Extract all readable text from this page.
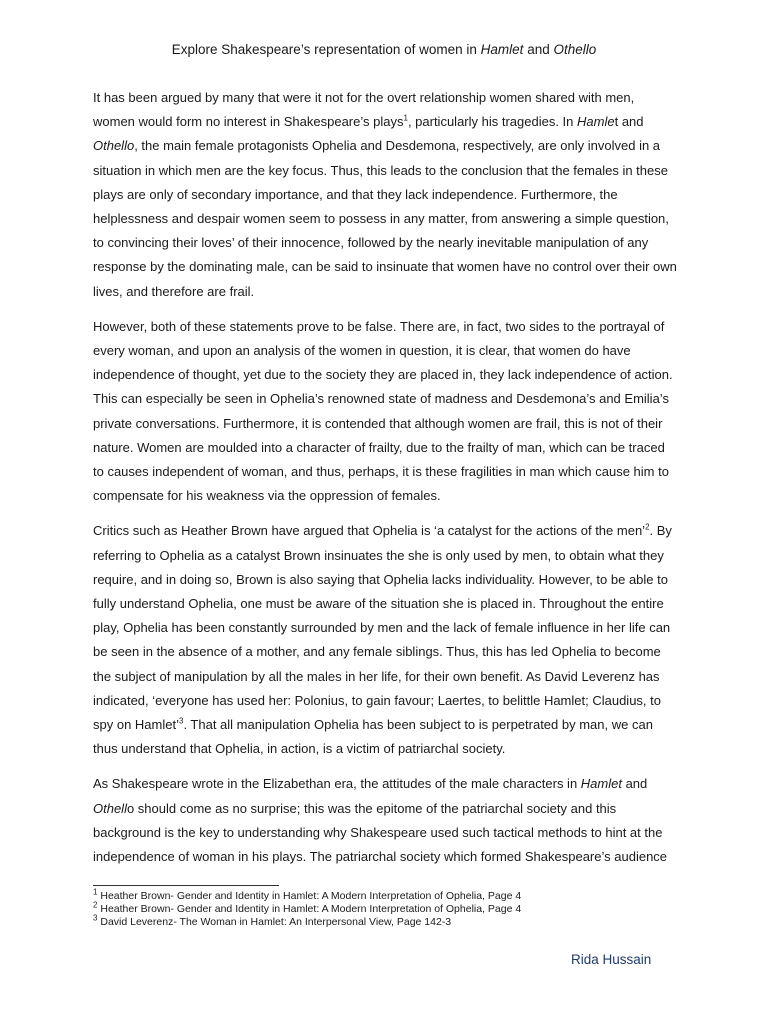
Explore Shakespeare’s representation of women in Hamlet and Othello

It has been argued by many that were it not for the overt relationship women shared with men, women would form no interest in Shakespeare’s plays$^1$, particularly his tragedies. In Hamlet and Othello, the main female protagonists Ophelia and Desdemona, respectively, are only involved in a situation in which men are the key focus. Thus, this leads to the conclusion that the females in these plays are only of secondary importance, and that they lack independence. Furthermore, the helplessness and despair women seem to possess in any matter, from answering a simple question, to convincing their loves’ of their innocence, followed by the nearly inevitable manipulation of any response by the dominating male, can be said to insinuate that women have no control over their own lives, and therefore are frail.

However, both of these statements prove to be false. There are, in fact, two sides to the portrayal of every woman, and upon an analysis of the women in question, it is clear, that women do have independence of thought, yet due to the society they are placed in, they lack independence of action. This can especially be seen in Ophelia’s renowned state of madness and Desdemona’s and Emilia’s private conversations. Furthermore, it is contended that although women are frail, this is not of their nature. Women are moulded into a character of frailty, due to the frailty of man, which can be traced to causes independent of woman, and thus, perhaps, it is these fragilities in man which cause him to compensate for his weakness via the oppression of females.

Critics such as Heather Brown have argued that Ophelia is ‘a catalyst for the actions of the men’$^2$. By referring to Ophelia as a catalyst Brown insinuates the she is only used by men, to obtain what they require, and in doing so, Brown is also saying that Ophelia lacks individuality. However, to be able to fully understand Ophelia, one must be aware of the situation she is placed in. Throughout the entire play, Ophelia has been constantly surrounded by men and the lack of female influence in her life can be seen in the absence of a mother, and any female siblings. Thus, this has led Ophelia to become the subject of manipulation by all the males in her life, for their own benefit. As David Leverenz has indicated, ‘everyone has used her: Polonius, to gain favour; Laertes, to belittle Hamlet; Claudius, to spy on Hamlet’$^3$. That all manipulation Ophelia has been subject to is perpetrated by man, we can thus understand that Ophelia, in action, is a victim of patriarchal society.

As Shakespeare wrote in the Elizabethan era, the attitudes of the male characters in Hamlet and Othello should come as no surprise; this was the epitome of the patriarchal society and this background is the key to understanding why Shakespeare used such tactical methods to hint at the independence of woman in his plays. The patriarchal society which formed Shakespeare’s audience

$^1$ Heather Brown- Gender and Identity in Hamlet: A Modern Interpretation of Ophelia, Page 4
$^2$ Heather Brown- Gender and Identity in Hamlet: A Modern Interpretation of Ophelia, Page 4
$^3$ David Leverenz- The Woman in Hamlet: An Interpersonal View, Page 142-3
Rida Hussain
